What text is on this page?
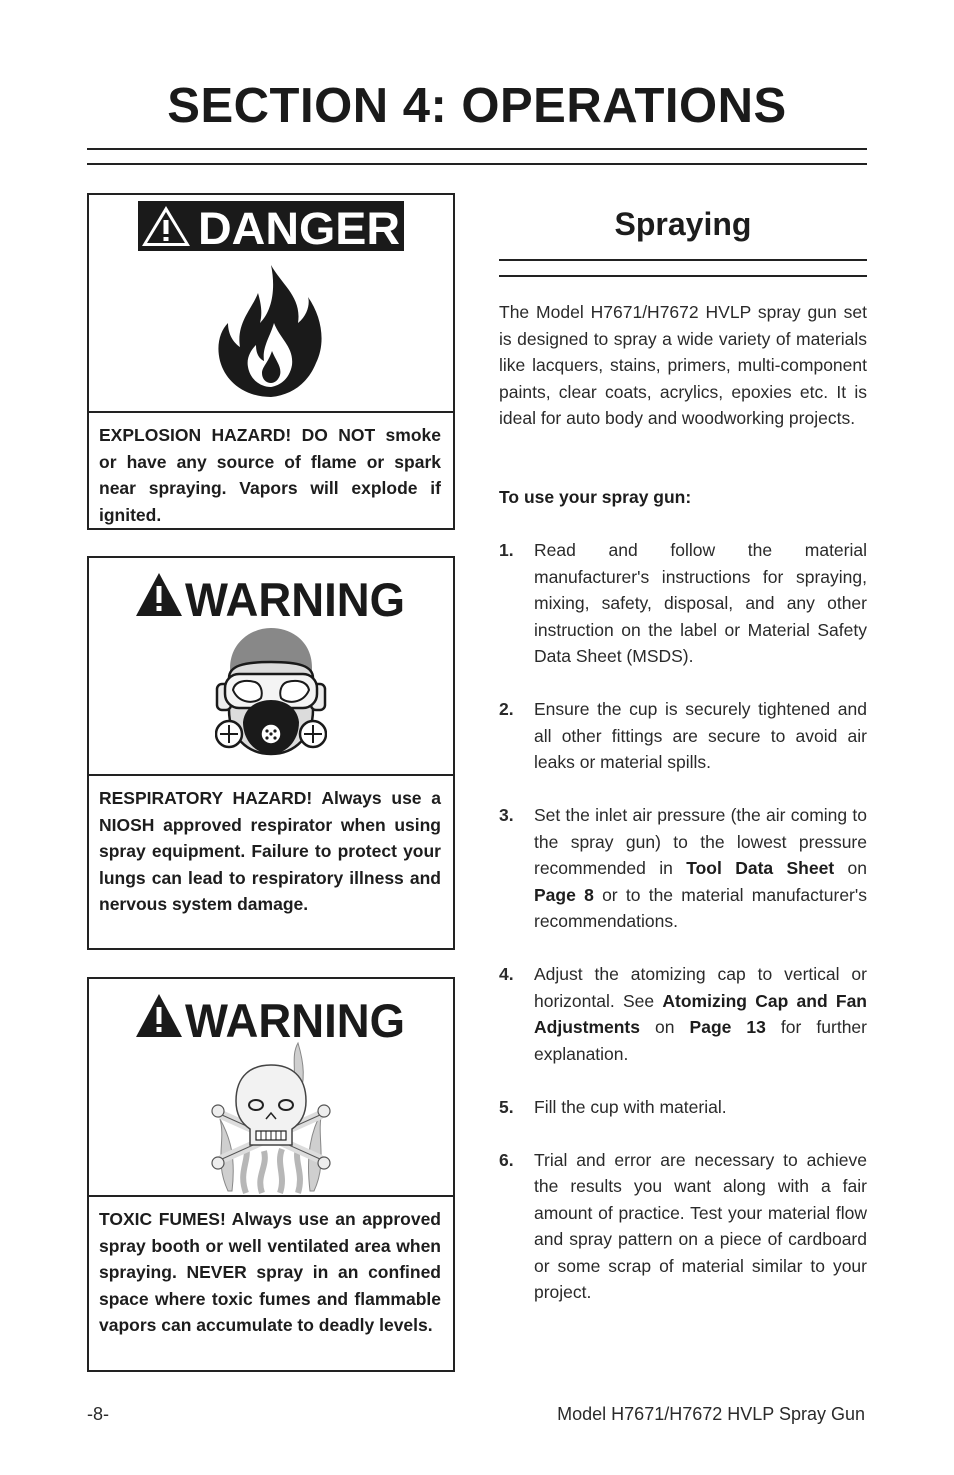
SECTION 4: OPERATIONS
DANGER
EXPLOSION HAZARD! DO NOT smoke or have any source of flame or spark near spraying. Vapors will explode if ignited.
WARNING
RESPIRATORY HAZARD! Always use a NIOSH approved respirator when using spray equipment. Failure to protect your lungs can lead to respiratory illness and nervous system damage.
WARNING
TOXIC FUMES! Always use an approved spray booth or well ventilated area when spraying. NEVER spray in an confined space where toxic fumes and flammable vapors can accumulate to deadly levels.
Spraying

The Model H7671/H7672 HVLP spray gun set is designed to spray a wide variety of materials like lacquers, stains, primers, multi-component paints, clear coats, acrylics, epoxies etc. It is ideal for auto body and woodworking projects.

To use your spray gun:
1. Read and follow the material manufacturer's instructions for spraying, mixing, safety, disposal, and any other instruction on the label or Material Safety Data Sheet (MSDS).
2. Ensure the cup is securely tightened and all other fittings are secure to avoid air leaks or material spills.
3. Set the inlet air pressure (the air coming to the spray gun) to the lowest pressure recommended in Tool Data Sheet on Page 8 or to the material manufacturer's recommendations.
4. Adjust the atomizing cap to vertical or horizontal. See Atomizing Cap and Fan Adjustments on Page 13 for further explanation.
5. Fill the cup with material.
6. Trial and error are necessary to achieve the results you want along with a fair amount of practice. Test your material flow and spray pattern on a piece of cardboard or some scrap of material similar to your project.
-8-	Model H7671/H7672 HVLP Spray Gun
